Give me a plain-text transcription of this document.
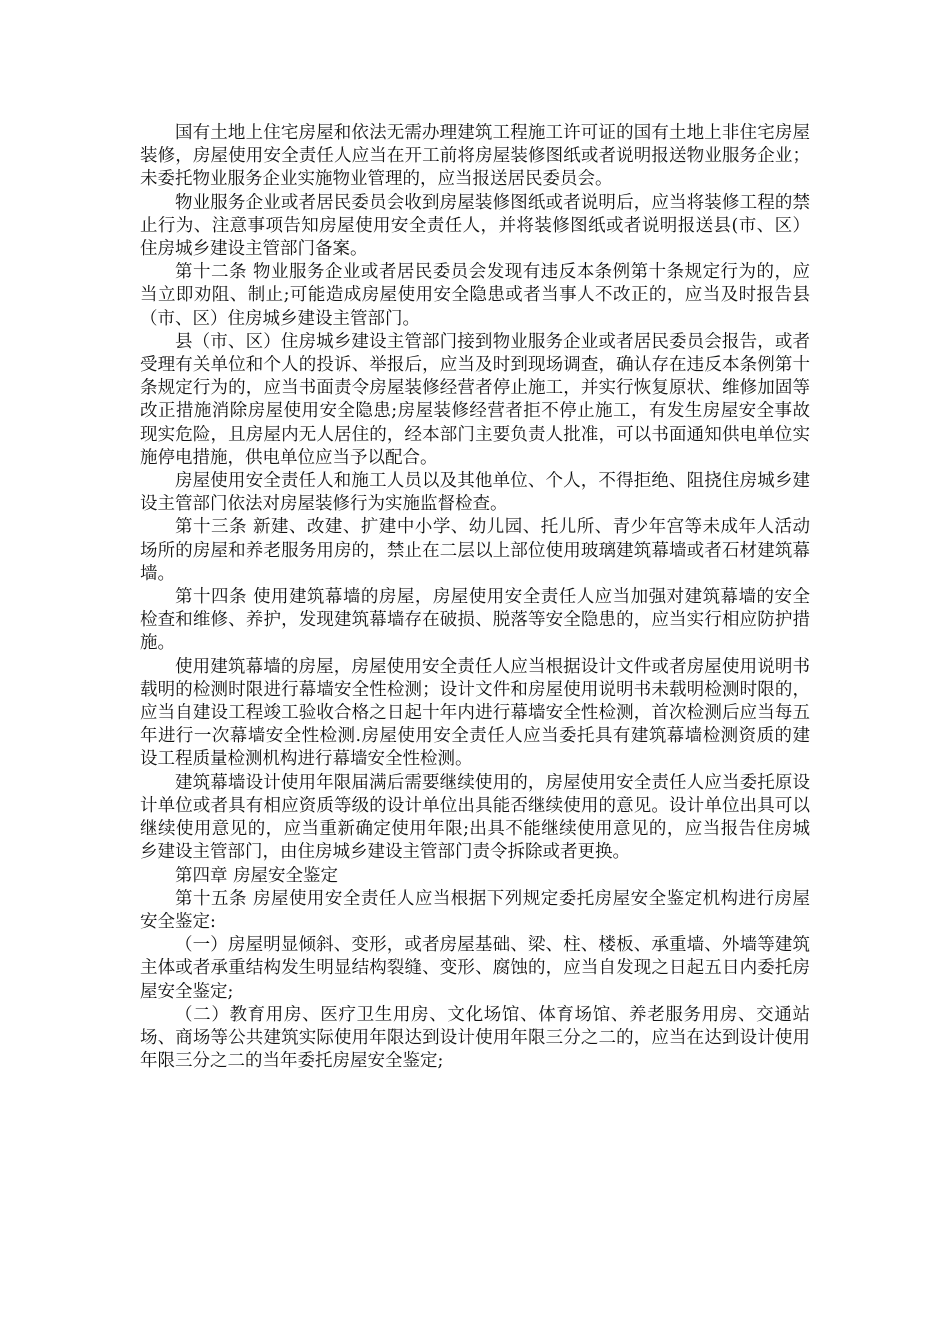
国有土地上住宅房屋和依法无需办理建筑工程施工许可证的国有土地上非住宅房屋装修，房屋使用安全责任人应当在开工前将房屋装修图纸或者说明报送物业服务企业；未委托物业服务企业实施物业管理的，应当报送居民委员会。

物业服务企业或者居民委员会收到房屋装修图纸或者说明后，应当将装修工程的禁止行为、注意事项告知房屋使用安全责任人，并将装修图纸或者说明报送县(市、区）住房城乡建设主管部门备案。

第十二条 物业服务企业或者居民委员会发现有违反本条例第十条规定行为的，应当立即劝阻、制止;可能造成房屋使用安全隐患或者当事人不改正的，应当及时报告县（市、区）住房城乡建设主管部门。

县（市、区）住房城乡建设主管部门接到物业服务企业或者居民委员会报告，或者受理有关单位和个人的投诉、举报后，应当及时到现场调查，确认存在违反本条例第十条规定行为的，应当书面责令房屋装修经营者停止施工，并实行恢复原状、维修加固等改正措施消除房屋使用安全隐患;房屋装修经营者拒不停止施工，有发生房屋安全事故现实危险，且房屋内无人居住的，经本部门主要负责人批准，可以书面通知供电单位实施停电措施，供电单位应当予以配合。

房屋使用安全责任人和施工人员以及其他单位、个人，不得拒绝、阻挠住房城乡建设主管部门依法对房屋装修行为实施监督检查。

第十三条 新建、改建、扩建中小学、幼儿园、托儿所、青少年宫等未成年人活动场所的房屋和养老服务用房的，禁止在二层以上部位使用玻璃建筑幕墙或者石材建筑幕墙。

第十四条 使用建筑幕墙的房屋，房屋使用安全责任人应当加强对建筑幕墙的安全检查和维修、养护，发现建筑幕墙存在破损、脱落等安全隐患的，应当实行相应防护措施。

使用建筑幕墙的房屋，房屋使用安全责任人应当根据设计文件或者房屋使用说明书载明的检测时限进行幕墙安全性检测；设计文件和房屋使用说明书未载明检测时限的，应当自建设工程竣工验收合格之日起十年内进行幕墙安全性检测，首次检测后应当每五年进行一次幕墙安全性检测.房屋使用安全责任人应当委托具有建筑幕墙检测资质的建设工程质量检测机构进行幕墙安全性检测。

建筑幕墙设计使用年限届满后需要继续使用的，房屋使用安全责任人应当委托原设计单位或者具有相应资质等级的设计单位出具能否继续使用的意见。设计单位出具可以继续使用意见的，应当重新确定使用年限;出具不能继续使用意见的，应当报告住房城乡建设主管部门，由住房城乡建设主管部门责令拆除或者更换。

第四章 房屋安全鉴定

第十五条 房屋使用安全责任人应当根据下列规定委托房屋安全鉴定机构进行房屋安全鉴定:

（一）房屋明显倾斜、变形，或者房屋基础、梁、柱、楼板、承重墙、外墙等建筑主体或者承重结构发生明显结构裂缝、变形、腐蚀的，应当自发现之日起五日内委托房屋安全鉴定;

（二）教育用房、医疗卫生用房、文化场馆、体育场馆、养老服务用房、交通站场、商场等公共建筑实际使用年限达到设计使用年限三分之二的，应当在达到设计使用年限三分之二的当年委托房屋安全鉴定;
